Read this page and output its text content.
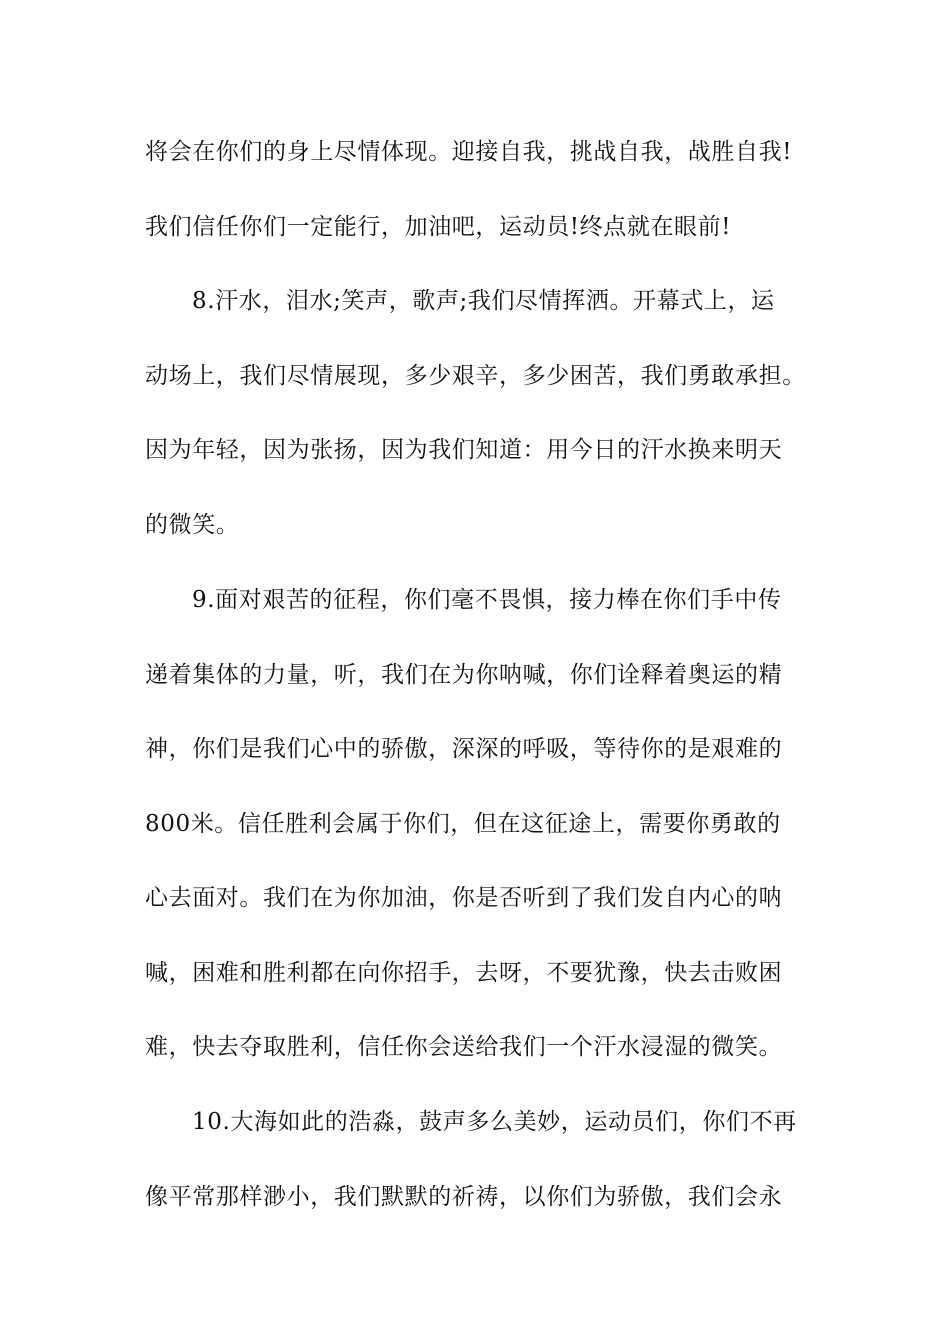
将会在你们的身上尽情体现。迎接自我，挑战自我，战胜自我!
我们信任你们一定能行，加油吧，运动员!终点就在眼前!
8.汗水，泪水;笑声，歌声;我们尽情挥洒。开幕式上，运
动场上，我们尽情展现，多少艰辛，多少困苦，我们勇敢承担。
因为年轻，因为张扬，因为我们知道：用今日的汗水换来明天
的微笑。
9.面对艰苦的征程，你们毫不畏惧，接力棒在你们手中传
递着集体的力量，听，我们在为你呐喊，你们诠释着奥运的精
神，你们是我们心中的骄傲，深深的呼吸，等待你的是艰难的
800米。信任胜利会属于你们，但在这征途上，需要你勇敢的
心去面对。我们在为你加油，你是否听到了我们发自内心的呐
喊，困难和胜利都在向你招手，去呀，不要犹豫，快去击败困
难，快去夺取胜利，信任你会送给我们一个汗水浸湿的微笑。
10.大海如此的浩淼，鼓声多么美妙，运动员们，你们不再
像平常那样渺小，我们默默的祈祷，以你们为骄傲，我们会永
